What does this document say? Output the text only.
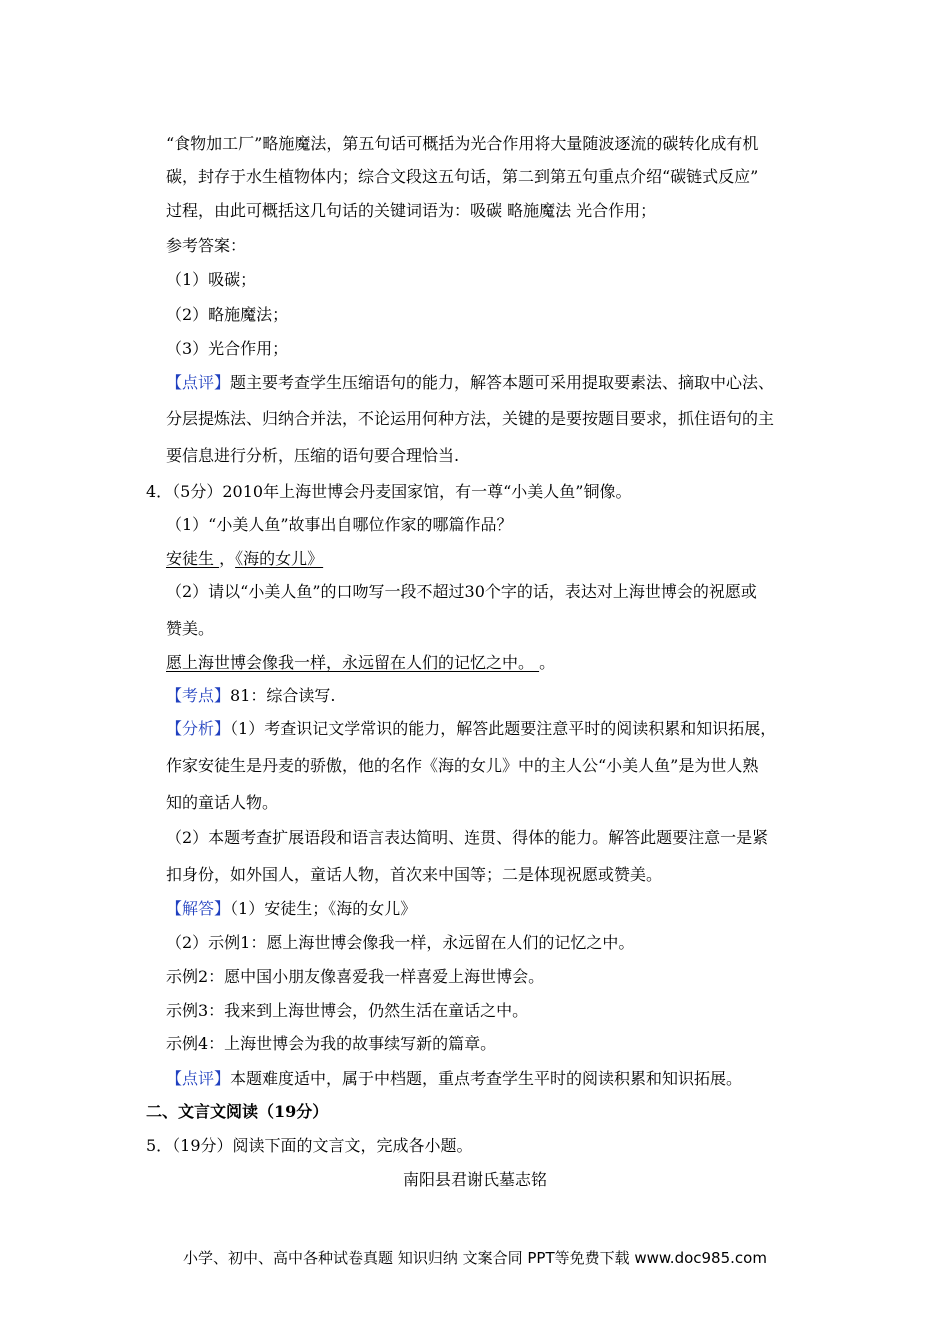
“食物加工厂”略施魔法，第五句话可概括为光合作用将大量随波逐流的碳转化成有机
碳，封存于水生植物体内；综合文段这五句话，第二到第五句重点介绍“碳链式反应”
过程，由此可概括这几句话的关键词语为：吸碳 略施魔法 光合作用；
参考答案：
（1）吸碳；
（2）略施魔法；
（3）光合作用；
【点评】题主要考查学生压缩语句的能力，解答本题可采用提取要素法、摘取中心法、
分层提炼法、归纳合并法，不论运用何种方法，关键的是要按题目要求，抓住语句的主
要信息进行分析，压缩的语句要合理恰当.
4．（5分）2010年上海世博会丹麦国家馆，有一尊“小美人鱼”铜像。
（1）“小美人鱼”故事出自哪位作家的哪篇作品？
安徒生 ，《海的女儿》
（2）请以“小美人鱼”的口吻写一段不超过30个字的话，表达对上海世博会的祝愿或
赞美。
愿上海世博会像我一样，永远留在人们的记忆之中。 。
【考点】81：综合读写.
【分析】（1）考查识记文学常识的能力，解答此题要注意平时的阅读积累和知识拓展，
作家安徒生是丹麦的骄傲，他的名作《海的女儿》中的主人公“小美人鱼”是为世人熟
知的童话人物。
（2）本题考查扩展语段和语言表达简明、连贯、得体的能力。解答此题要注意一是紧
扣身份，如外国人，童话人物，首次来中国等；二是体现祝愿或赞美。
【解答】（1）安徒生；《海的女儿》
（2）示例1：愿上海世博会像我一样，永远留在人们的记忆之中。
示例2：愿中国小朋友像喜爱我一样喜爱上海世博会。
示例3：我来到上海世博会，仍然生活在童话之中。
示例4：上海世博会为我的故事续写新的篇章。
【点评】本题难度适中，属于中档题，重点考查学生平时的阅读积累和知识拓展。
二、文言文阅读（19分）
5．（19分）阅读下面的文言文，完成各小题。
南阳县君谢氏墓志铭
小学、初中、高中各种试卷真题 知识归纳 文案合同 PPT等免费下载 www.doc985.com
